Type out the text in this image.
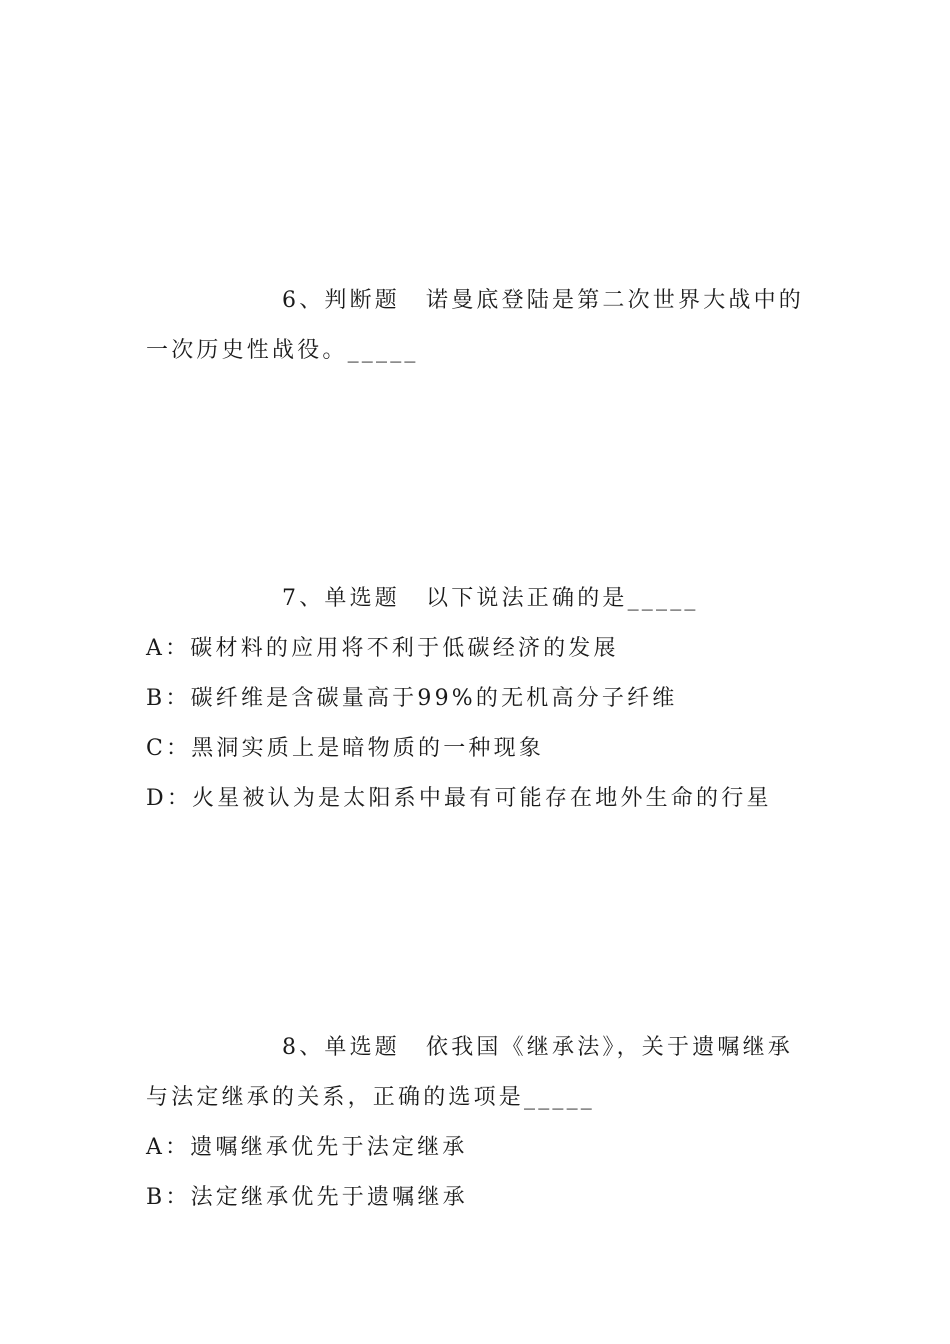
6、判断题 诺曼底登陆是第二次世界大战中的
一次历史性战役。_____
7、单选题 以下说法正确的是_____
A：碳材料的应用将不利于低碳经济的发展
B：碳纤维是含碳量高于99%的无机高分子纤维
C：黑洞实质上是暗物质的一种现象
D：火星被认为是太阳系中最有可能存在地外生命的行星
8、单选题 依我国《继承法》，关于遗嘱继承
与法定继承的关系，正确的选项是_____
A：遗嘱继承优先于法定继承
B：法定继承优先于遗嘱继承
